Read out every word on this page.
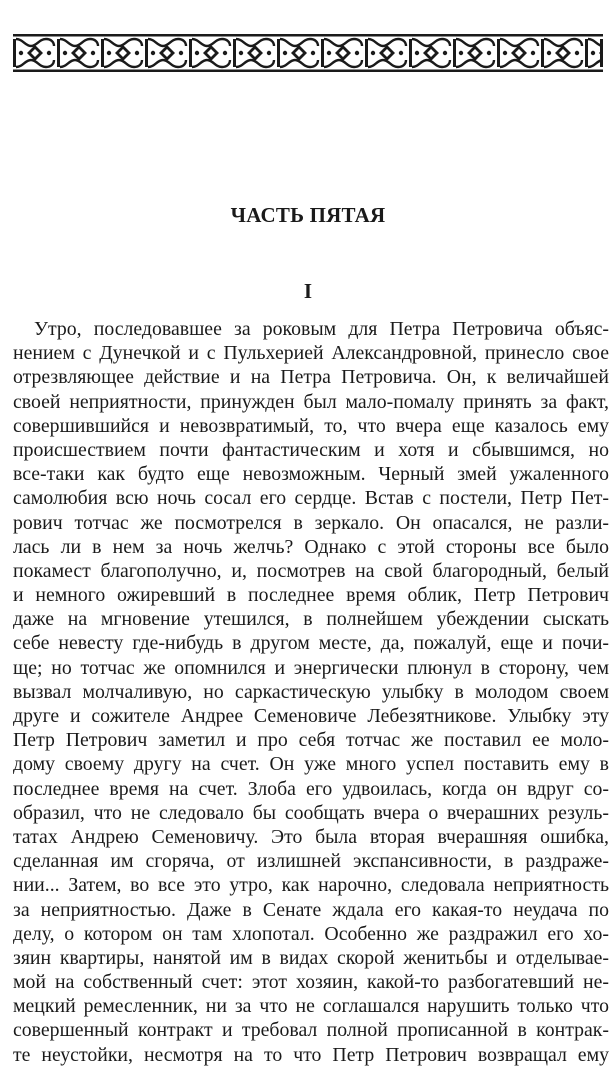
ЧАСТЬ ПЯТАЯ
I
Утро, последовавшее за роковым для Петра Петровича объяс-
нением с Дунечкой и с Пульхерией Александровной, принесло свое
отрезвляющее действие и на Петра Петровича. Он, к величайшей
своей неприятности, принужден был мало-помалу принять за факт,
совершившийся и невозвратимый, то, что вчера еще казалось ему
происшествием почти фантастическим и хотя и сбывшимся, но
все-таки как будто еще невозможным. Черный змей ужаленного
самолюбия всю ночь сосал его сердце. Встав с постели, Петр Пет-
рович тотчас же посмотрелся в зеркало. Он опасался, не разли-
лась ли в нем за ночь желчь? Однако с этой стороны все было
покамест благополучно, и, посмотрев на свой благородный, белый
и немного ожиревший в последнее время облик, Петр Петрович
даже на мгновение утешился, в полнейшем убеждении сыскать
себе невесту где-нибудь в другом месте, да, пожалуй, еще и почи-
ще; но тотчас же опомнился и энергически плюнул в сторону, чем
вызвал молчаливую, но саркастическую улыбку в молодом своем
друге и сожителе Андрее Семеновиче Лебезятникове. Улыбку эту
Петр Петрович заметил и про себя тотчас же поставил ее моло-
дому своему другу на счет. Он уже много успел поставить ему в
последнее время на счет. Злоба его удвоилась, когда он вдруг со-
образил, что не следовало бы сообщать вчера о вчерашних резуль-
татах Андрею Семеновичу. Это была вторая вчерашняя ошибка,
сделанная им сгоряча, от излишней экспансивности, в раздраже-
нии... Затем, во все это утро, как нарочно, следовала неприятность
за неприятностью. Даже в Сенате ждала его какая-то неудача по
делу, о котором он там хлопотал. Особенно же раздражил его хо-
зяин квартиры, нанятой им в видах скорой женитьбы и отделывае-
мой на собственный счет: этот хозяин, какой-то разбогатевший не-
мецкий ремесленник, ни за что не соглашался нарушить только что
совершенный контракт и требовал полной прописанной в контрак-
те неустойки, несмотря на то что Петр Петрович возвращал ему
